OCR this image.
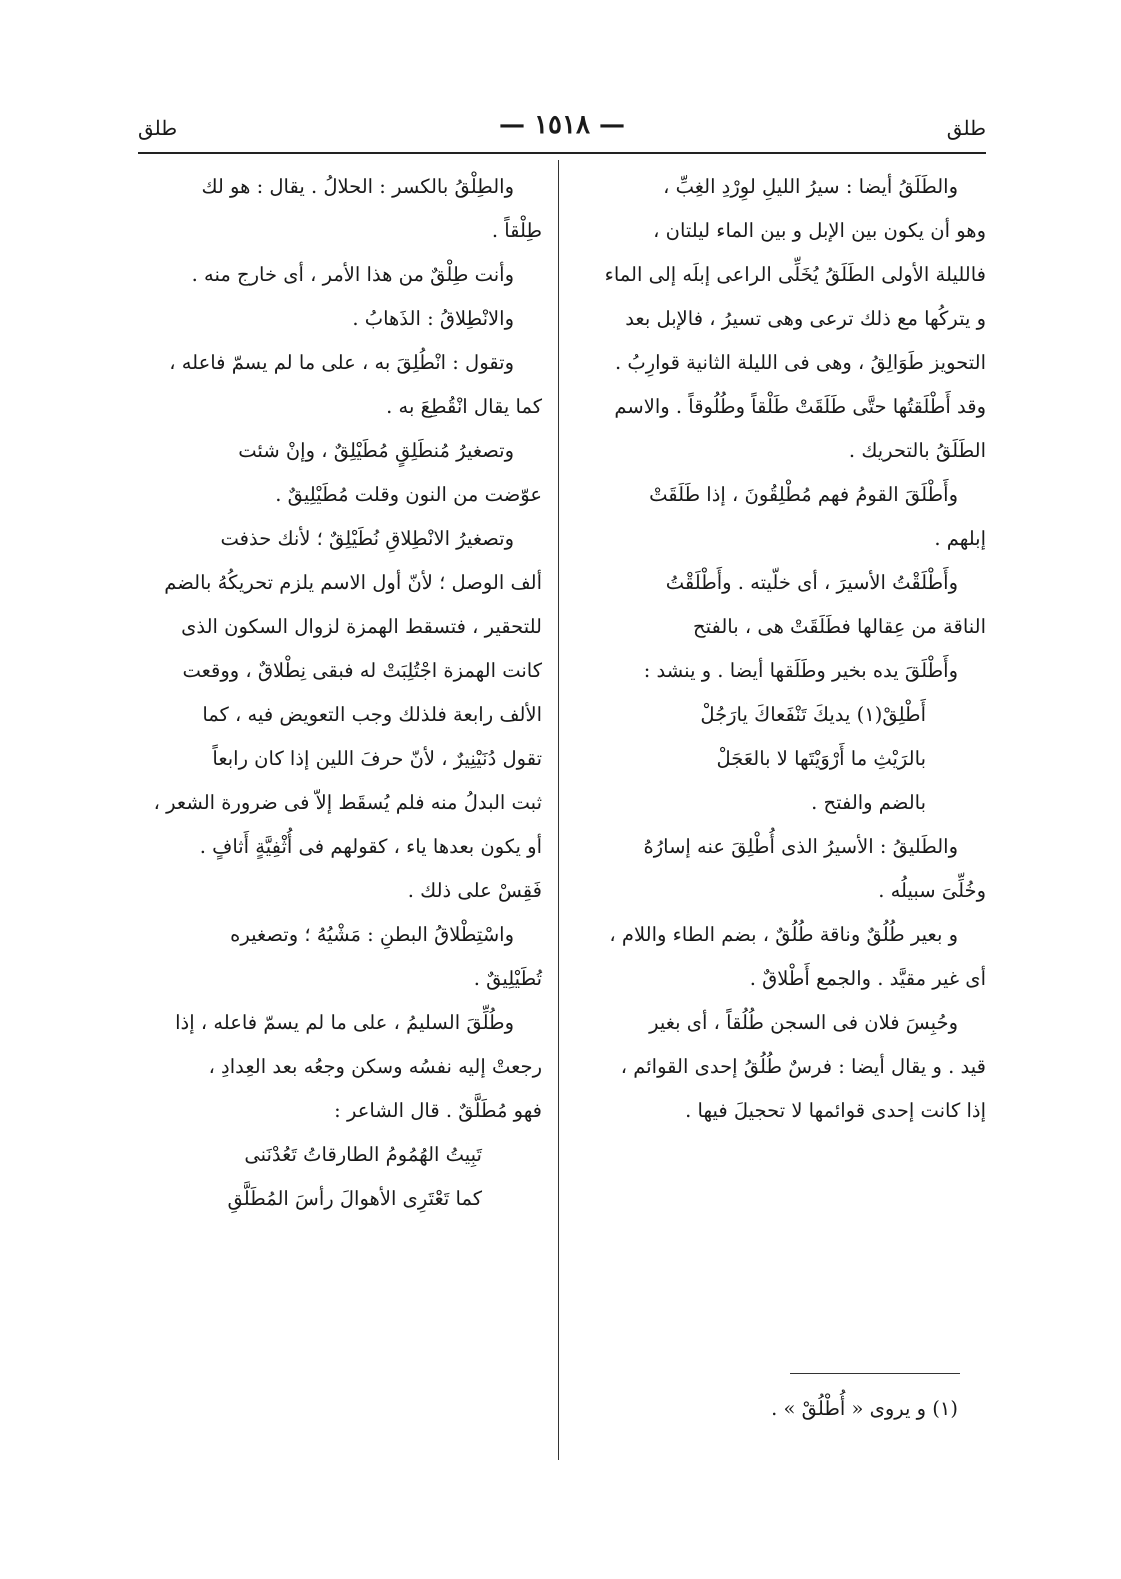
طلق
— ١٥١٨ —
طلق

والطَلَقُ أيضا : سيرُ الليلِ لوِرْدِ الغِبِّ ،

وهو أن يكون بين الإبل و بين الماء ليلتان ،

فالليلة الأولى الطَلَقُ يُخَلِّى الراعى إبلَه إلى الماء

و يتركُها مع ذلك ترعى وهى تسيرُ ، فالإبل بعد

التحويز طَوَالِقُ ، وهى فى الليلة الثانية قوارِبُ .

وقد أَطْلَقتُها حتَّى طَلَقَتْ طَلْقاً وطُلُوقاً . والاسم

الطَلَقُ بالتحريك .

وأَطْلَقَ القومُ فهم مُطْلِقُونَ ، إذا طَلَقَتْ

إبلهم .

وأَطْلَقْتُ الأسيرَ ، أى خلّيته . وأَطْلَقْتُ

الناقة من عِقالها فطَلَقَتْ هى ، بالفتح

وأَطْلَقَ يده بخير وطَلَقها أيضا . و ينشد :

أَطْلِقْ(١) يديكَ تَنْفَعاكَ يارَجُلْ

بالرَيْثِ ما أَرْوَيْتَها لا بالعَجَلْ

بالضم والفتح .

والطَليقُ : الأسيرُ الذى أُطْلِقَ عنه إسارُهُ

وخُلِّىَ سبيلُه .

و بعير طُلُقٌ وناقة طُلُقٌ ، بضم الطاء واللام ،

أى غير مقيَّد . والجمع أَطْلاقٌ .

وحُبِسَ فلان فى السجن طُلُقاً ، أى بغير

قيد . و يقال أيضا : فرسٌ طُلُقُ إحدى القوائم ،

إذا كانت إحدى قوائمها لا تحجيلَ فيها .

والطِلْقُ بالكسر : الحلالُ . يقال : هو لك

طِلْقاً .

وأنت طِلْقٌ من هذا الأمر ، أى خارج منه .

والانْطِلاقُ : الذَهابُ .

وتقول : انْطُلِقَ به ، على ما لم يسمّ فاعله ،

كما يقال انْقُطِعَ به .

وتصغيرُ مُنطَلِقٍ مُطَيْلِقٌ ، وإنْ شئت

عوّضت من النون وقلت مُطَيْلِيقٌ .

وتصغيرُ الانْطِلاقِ نُطَيْلِقٌ ؛ لأنك حذفت

ألف الوصل ؛ لأنّ أول الاسم يلزم تحريكُهُ بالضم

للتحقير ، فتسقط الهمزة لزوال السكون الذى

كانت الهمزة اجْتُلِبَتْ له فبقى نِطْلاقٌ ، ووقعت

الألف رابعة فلذلك وجب التعويض فيه ، كما

تقول دُنَيْنِيرٌ ، لأنّ حرفَ اللين إذا كان رابعاً

ثبت البدلُ منه فلم يُسقَط إلاّ فى ضرورة الشعر ،

أو يكون بعدها ياء ، كقولهم فى أُثْفِيَّةٍ أَثافٍ .

فَقِسْ على ذلك .

واسْتِطْلاقُ البطنِ : مَشْيُهُ ؛ وتصغيره

تُطَيْلِيقٌ .

وطُلِّقَ السليمُ ، على ما لم يسمّ فاعله ، إذا

رجعتْ إليه نفسُه وسكن وجعُه بعد العِدادِ ،

فهو مُطَلَّقٌ . قال الشاعر :

تَبِيتُ الهُمُومُ الطارقاتُ تَعُدْنَنى

كما تَعْتَرِى الأهوالَ رأسَ المُطَلَّقِ

(١) و يروى « أُطْلُقْ » .
